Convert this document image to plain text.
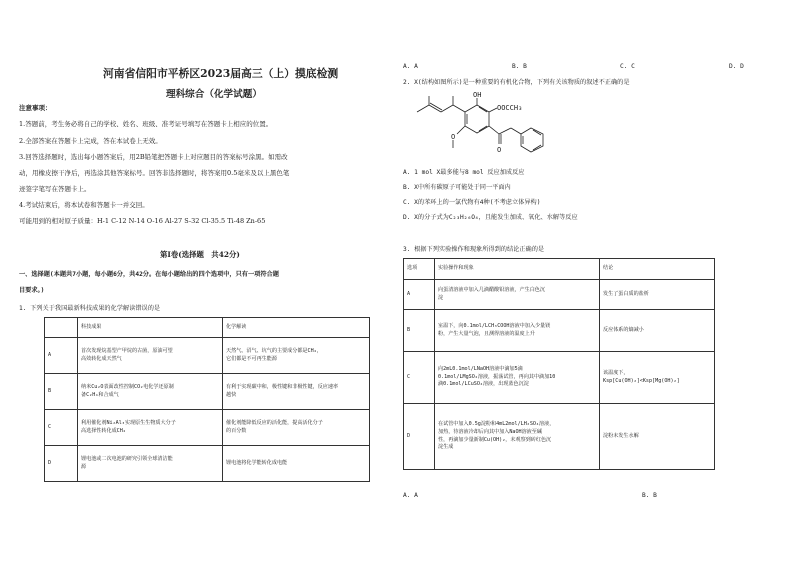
河南省信阳市平桥区2023届高三（上）摸底检测
理科综合（化学试题）
注意事项：
1.答题前，考生务必将自己的学校、姓名、班级、准考证号填写在答题卡上相应的位置。
2.全部答案在答题卡上完成，答在本试卷上无效。
3.回答选择题时，选出每小题答案后，用2B铅笔把答题卡上对应题目的答案标号涂黑。如需改
动，用橡皮擦干净后，再选涂其他答案标号。回答非选择题时，将答案用0.5毫米及以上黑色笔
迹签字笔写在答题卡上。
4.考试结束后，将本试卷和答题卡一并交回。
可能用到的相对原子质量：H-1 C-12 N-14 O-16 Al-27 S-32 Cl-35.5 Ti-48 Zn-65
第Ⅰ卷(选择题　共42分)
一、选择题(本题共7小题，每小题6分，共42分。在每小题给出的四个选项中，只有一项符合题
目要求。)
1. 下列关于我国最新科技成果的化学解读错误的是
	科技成果	化学解读
A	首次发现烷基型产甲烷的古菌，原油可望
高效转化成天然气	天然气、沼气、坑气的主要成分都是CH₄，
它们都是不可再生能源

B	纳米Cu₂O表面改性控制CO₂电化学还原制
备C₂H₄和合成气	有利于实现碳中和，极性键和非极性键，反应速率
越快

C	利用催化剂Ni₂Al₃实现原生生物质大分子
高选择性转化成CH₄	催化剂能降低反应的活化能，提高活化分子
的百分数

D	锂电池或二次电池的研究引领全球清洁能
源	锂电池将化学能转化成电能
A. A	B. B	C. C	D. D
2. X(结构如图所示)是一种重要的有机化合物，下列有关该物质的叙述不正确的是
OH
OOCCH₃
O
O
A. 1 mol X最多能与8 mol 反应加成反应
B. X中所有碳原子可能处于同一平面内
C. X的苯环上的一氯代物有4种(不考虑立体异构)
D. X的分子式为C₂₃H₂₆O₄，且能发生加成、氧化、水解等反应
3. 根据下列实验操作和现象所得到的结论正确的是
选项	实验操作和现象	结论
A	向蛋清溶液中加入几滴醋酸铅溶液，产生白色沉
淀	发生了蛋白质的盐析

B	室温下，向0.1mol/LCH₃COOH溶液中加入少量镁
粉，产生大量气泡，且测得溶液的温度上升	反应体系的熵减小

C	向2mL0.1mol/LNaOH溶液中滴加5滴
0.1mol/LMgSO₄溶液，振荡试管，再向其中滴加10
滴0.1mol/LCuSO₄溶液，出现蓝色沉淀	该温度下，
Ksp[Cu(OH)₂]<Ksp[Mg(OH)₂]

D	在试管中加入0.5g淀粉和4mL2mol/LH₂SO₄溶液，
加热，待溶液冷却后向其中加入NaOH溶液至碱
性，再滴加少量新制Cu(OH)₂，未观察到砖红色沉
淀生成	淀粉未发生水解
A. A	B. B
